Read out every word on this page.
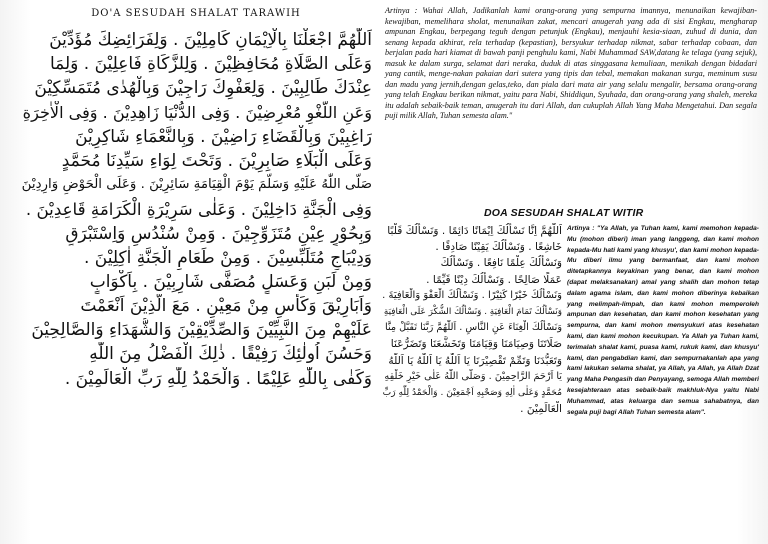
DO'A SESUDAH SHALAT TARAWIH
اَللّٰهُمَّ اجْعَلْنَا بِالْاِيْمَانِ كَامِلِيْنَ . وَلِفَرَائِضِكَ مُؤَدِّيْنَ
وَعَلَى الصَّلَاةِ مُحَافِظِيْنَ . وَلِلزَّكَاةِ فَاعِلِيْنَ . وَلِمَا
عِنْدَكَ طَالِبِيْنَ . وَلِعَفْوِكَ رَاجِيْنَ وَبِالْهُدٰى مُتَمَسِّكِيْنَ
وَعَنِ اللَّغْوِ مُعْرِضِيْنَ . وَفِى الدُّنْيَا زَاهِدِيْنَ . وَفِى الْاٰخِرَةِ
رَاغِبِيْنَ وَبِالْقَضَاءِ رَاضِيْنَ . وَبِالنَّعْمَاءِ شَاكِرِيْنَ
وَعَلَى الْبَلَاءِ صَابِرِيْنَ . وَتَحْتَ لِوَاءِ سَيِّدِنَا مُحَمَّدٍ
صَلَّى اللّٰهُ عَلَيْهِ وَسَلَّمَ يَوْمَ الْقِيَامَةِ سَائِرِيْنَ . وَعَلَى الْحَوْضِ وَارِدِيْنَ
وَفِى الْجَنَّةِ دَاخِلِيْنَ . وَعَلٰى سَرِيْرَةِ الْكَرَامَةِ قَاعِدِيْنَ .
وَبِحُوْرٍ عِيْنٍ مُتَزَوِّجِيْنَ . وَمِنْ سُنْدُسٍ وَاِسْتَبْرَقٍ
وَدِيْبَاجٍ مُتَلَبِّسِيْنَ . وَمِنْ طَعَامِ الْجَنَّةِ اٰكِلِيْنَ .
وَمِنْ لَبَنٍ وَعَسَلٍ مُصَفًّى شَارِبِيْنَ . بِاَكْوَابٍ
وَاَبَارِيْقَ وَكَأْسٍ مِنْ مَعِيْنٍ . مَعَ الَّذِيْنَ اَنْعَمْتَ
عَلَيْهِمْ مِنَ النَّبِيِّيْنَ وَالصِّدِّيْقِيْنَ وَالشُّهَدَاءِ وَالصَّالِحِيْنَ
وَحَسُنَ اُولٰئِكَ رَفِيْقًا . ذٰلِكَ الْفَضْلُ مِنَ اللّٰهِ
وَكَفٰى بِاللّٰهِ عَلِيْمًا . وَالْحَمْدُ لِلّٰهِ رَبِّ الْعَالَمِيْنَ .
Artinya : Wahai Allah, Jadikanlah kami orang-orang yang sempurna imannya, menunaikan kewajiban-kewajiban, memelihara sholat, menunaikan zakat, mencari anugerah yang ada di sisi Engkau, mengharap ampunan Engkau, berpegang teguh dengan petunjuk (Engkau), menjauhi kesia-siaan, zuhud di dunia, dan senang kepada akhirat, rela terhadap (kepastian), bersyukur terhadap nikmat, sabar terhadap cobaan, dan berjalan pada hari kiamat di bawah panji penghulu kami, Nabi Muhammad SAW,datang ke telaga (yang sejuk), masuk ke dalam surga, selamat dari neraka, duduk di atas singgasana kemuliaan, menikah dengan bidadari yang cantik, menge-nakan pakaian dari sutera yang tipis dan tebal, memakan makanan surga, meminum susu dan madu yang jernih,dengan gelas,teko, dan piala dari mata air yang selalu mengalir, bersama orang-orang yang telah Engkau berikan nikmat, yaitu para Nabi, Shiddiqun, Syuhada, dan orang-orang yang shaleh, mereka itu adalah sebaik-baik teman, anugerah itu dari Allah, dan cukuplah Allah Yang Maha Mengetahui. Dan segala puji milik Allah, Tuhan semesta alam."
DOA SESUDAH SHALAT WITIR
اَللّٰهُمَّ اِنَّا نَسْأَلُكَ اِيْمَانًا دَائِمًا . وَنَسْأَلُكَ قَلْبًا
خَاشِعًا . وَنَسْأَلُكَ يَقِيْنًا صَادِقًا .
وَنَسْأَلُكَ عِلْمًا نَافِعًا . وَنَسْأَلُكَ
عَمَلًا صَالِحًا . وَنَسْأَلُكَ دِيْنًا قَيِّمًا .
وَنَسْأَلُكَ خَيْرًا كَثِيْرًا . وَنَسْأَلُكَ الْعَفْوَ وَالْعَافِيَةَ .
وَنَسْأَلُكَ تَمَامَ الْعَافِيَةِ . وَنَسْأَلُكَ الشُّكْرَ عَلَى الْعَافِيَةِ
وَنَسْأَلُكَ الْغِنَاءَ عَنِ النَّاسِ . اَللّٰهُمَّ رَبَّنَا تَقَبَّلْ مِنَّا
صَلَاتَنَا وَصِيَامَنَا وَقِيَامَنَا وَتَخَشُّعَنَا وَتَضَرُّعَنَا
وَتَعَبُّدَنَا وَتَمِّمْ تَقْصِيْرَنَا يَا اَللّٰهُ يَا اَللّٰهُ يَا اَللّٰهُ
يَا اَرْحَمَ الرَّاحِمِيْنَ . وَصَلَّى اللّٰهُ عَلٰى خَيْرِ خَلْقِهِ
مُحَمَّدٍ وَعَلٰى اٰلِهِ وَصَحْبِهِ اَجْمَعِيْنَ . وَالْحَمْدُ لِلّٰهِ رَبِّ
الْعَالَمِيْنَ .
Artinya : "Ya Allah, ya Tuhan kami, kami memohon kepada-Mu (mohon diberi) iman yang langgeng, dan kami mohon kepada-Mu hati kami yang khusyu', dan kami mohon kepada-Mu diberi ilmu yang bermanfaat, dan kami mohon ditetapkannya keyakinan yang benar, dan kami mohon (dapat melaksanakan) amal yang shalih dan mohon tetap dalam agama islam, dan kami mohon diberinya kebaikan yang melimpah-limpah, dan kami mohon memperoleh ampunan dan kesehatan, dan kami mohon kesehatan yang sempurna, dan kami mohon mensyukuri atas kesehatan kami, dan kami mohon kecukupan. Ya Allah ya Tuhan kami, terimalah shalat kami, puasa kami, rukuk kami, dan khusyu' kami, dan pengabdian kami, dan sempurnakanlah apa yang kami lakukan selama shalat, ya Allah, ya Allah, ya Allah Dzat yang Maha Pengasih dan Penyayang, semoga Allah memberi kesejahteraan atas sebaik-baik makhluk-Nya yaitu Nabi Muhammad, atas keluarga dan semua sahabatnya, dan segala puji bagi Allah Tuhan semesta alam".
